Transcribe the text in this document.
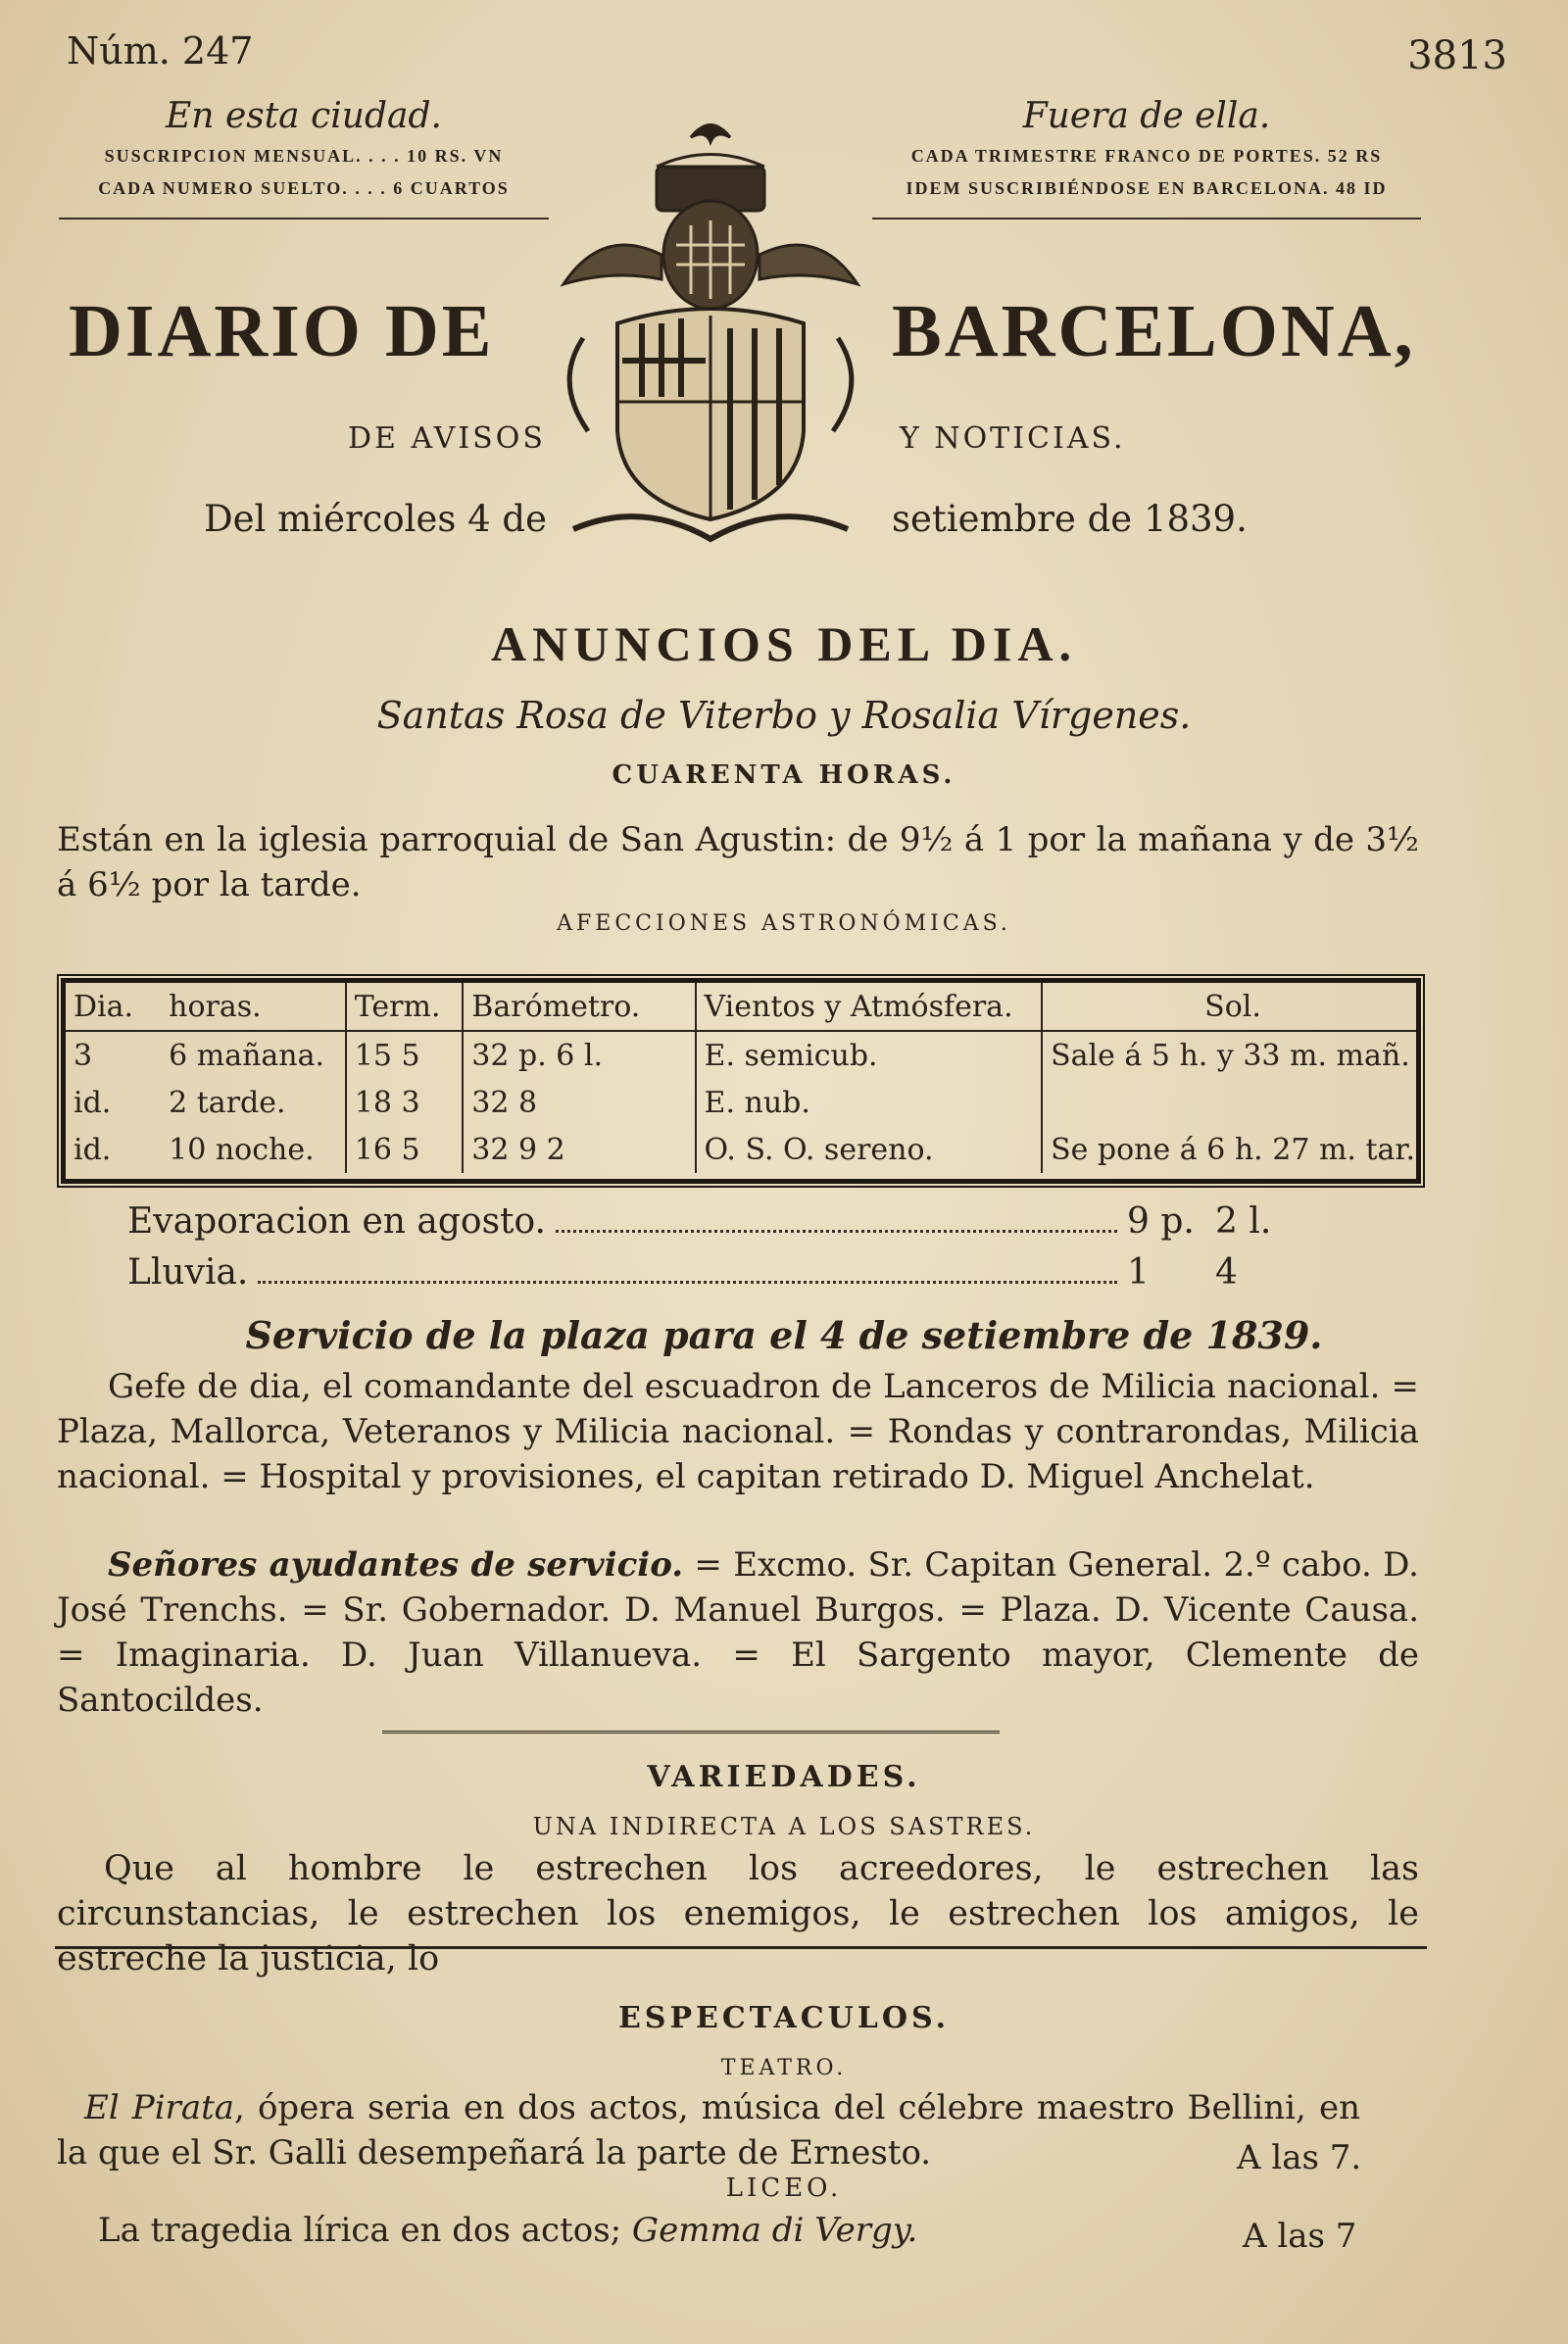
Núm. 247	3813
En esta ciudad.
SUSCRIPCION MENSUAL. . . . 10 RS. VN
CADA NUMERO SUELTO. . . . 6 CUARTOS
Fuera de ella.
CADA TRIMESTRE FRANCO DE PORTES. 52 RS
IDEM SUSCRIBIÉNDOSE EN BARCELONA. 48 ID
DIARIO DE	BARCELONA,
DE AVISOS	Y NOTICIAS.
Del miércoles 4 de	setiembre de 1839.
ANUNCIOS DEL DIA.
Santas Rosa de Viterbo y Rosalia Vírgenes.
CUARENTA HORAS.
Están en la iglesia parroquial de San Agustin: de 9½ á 1 por la mañana y de 3½ á 6½ por la tarde.
AFECCIONES ASTRONÓMICAS.
Dia.	horas.	Term.	Barómetro.	Vientos y Atmósfera.	Sol.
3	6 mañana.	15 5	32 p. 6 l.	E. semicub.	Sale á 5 h. y 33 m. mañ.
id.	2 tarde.	18 3	32 8	E. nub.	
id.	10 noche.	16 5	32 9 2	O. S. O. sereno.	Se pone á 6 h. 27 m. tar.
Evaporacion en agosto.	9 p. 2 l.
Lluvia.	1	4
Servicio de la plaza para el 4 de setiembre de 1839.
Gefe de dia, el comandante del escuadron de Lanceros de Milicia nacional. = Plaza, Mallorca, Veteranos y Milicia nacional. = Rondas y contrarondas, Milicia nacional. = Hospital y provisiones, el capitan retirado D. Miguel Anchelat.
Señores ayudantes de servicio. = Excmo. Sr. Capitan General. 2.º cabo. D. José Trenchs. = Sr. Gobernador. D. Manuel Burgos. = Plaza. D. Vicente Causa. = Imaginaria. D. Juan Villanueva. = El Sargento mayor, Clemente de Santocildes.
VARIEDADES.
UNA INDIRECTA A LOS SASTRES.
Que al hombre le estrechen los acreedores, le estrechen las circunstancias, le estrechen los enemigos, le estrechen los amigos, le estreche la justicia, lo
ESPECTACULOS.
TEATRO.
El Pirata, ópera seria en dos actos, música del célebre maestro Bellini, en la que el Sr. Galli desempeñará la parte de Ernesto.	A las 7.
LICEO.
La tragedia lírica en dos actos; Gemma di Vergy.	A las 7
